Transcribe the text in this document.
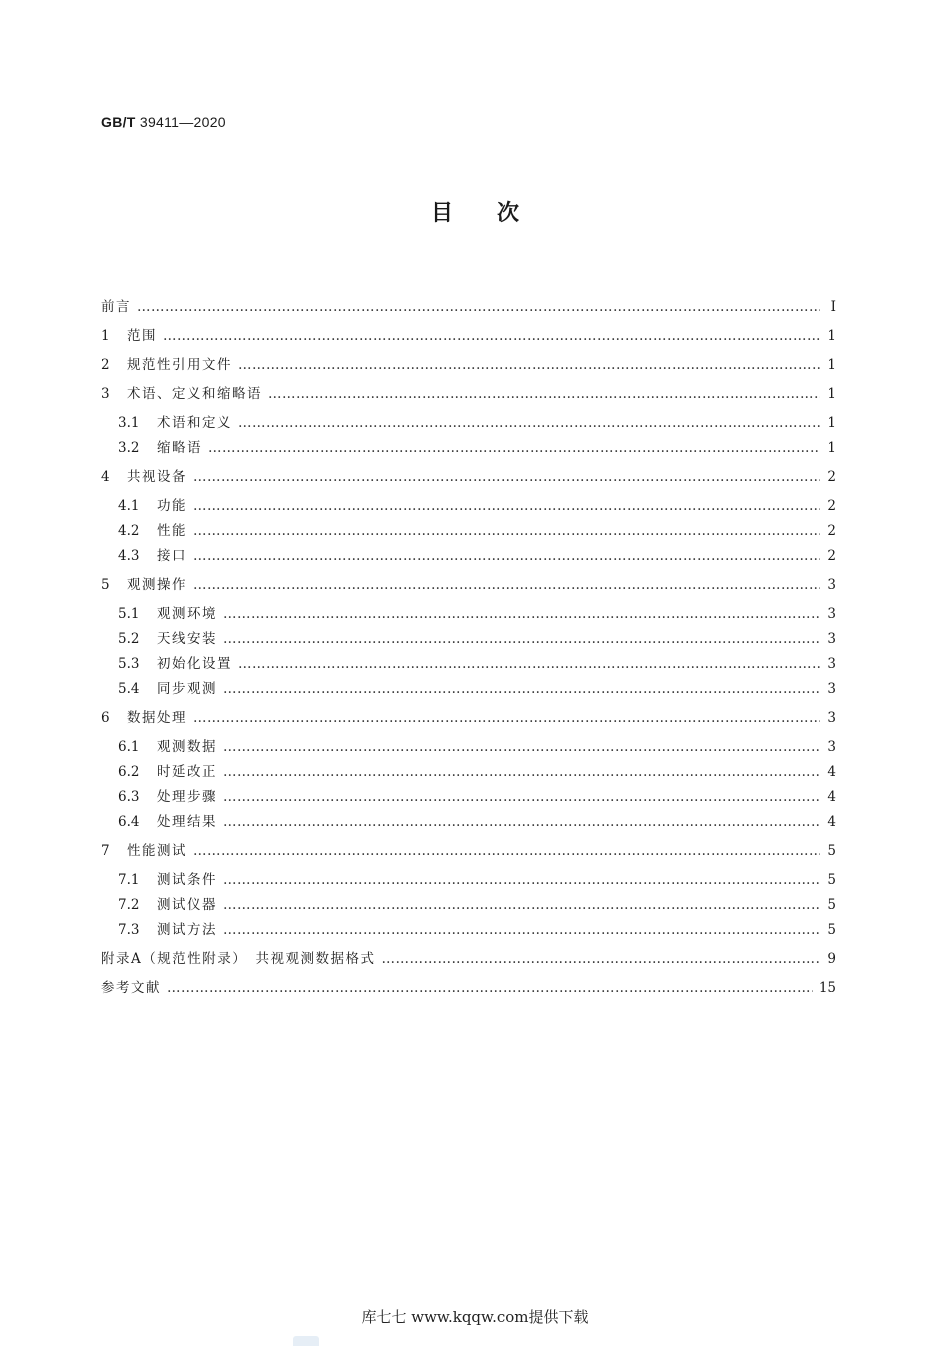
GB/T 39411—2020
目次
前言 ………………………………………………………………………………………………………………………………………………………………………………………………………………	Ⅰ
1	范围 ………………………………………………………………………………………………………………………………………………………………………………………………………………	1
2	规范性引用文件 ………………………………………………………………………………………………………………………………………………………………………………………………………………	1
3	术语、定义和缩略语 ………………………………………………………………………………………………………………………………………………………………………………………………………………	1
3.1	术语和定义 ………………………………………………………………………………………………………………………………………………………………………………………………………………	1
3.2	缩略语 ………………………………………………………………………………………………………………………………………………………………………………………………………………	1
4	共视设备 ………………………………………………………………………………………………………………………………………………………………………………………………………………	2
4.1	功能 ………………………………………………………………………………………………………………………………………………………………………………………………………………	2
4.2	性能 ………………………………………………………………………………………………………………………………………………………………………………………………………………	2
4.3	接口 ………………………………………………………………………………………………………………………………………………………………………………………………………………	2
5	观测操作 ………………………………………………………………………………………………………………………………………………………………………………………………………………	3
5.1	观测环境 ………………………………………………………………………………………………………………………………………………………………………………………………………………	3
5.2	天线安装 ………………………………………………………………………………………………………………………………………………………………………………………………………………	3
5.3	初始化设置 ………………………………………………………………………………………………………………………………………………………………………………………………………………	3
5.4	同步观测 ………………………………………………………………………………………………………………………………………………………………………………………………………………	3
6	数据处理 ………………………………………………………………………………………………………………………………………………………………………………………………………………	3
6.1	观测数据 ………………………………………………………………………………………………………………………………………………………………………………………………………………	3
6.2	时延改正 ………………………………………………………………………………………………………………………………………………………………………………………………………………	4
6.3	处理步骤 ………………………………………………………………………………………………………………………………………………………………………………………………………………	4
6.4	处理结果 ………………………………………………………………………………………………………………………………………………………………………………………………………………	4
7	性能测试 ………………………………………………………………………………………………………………………………………………………………………………………………………………	5
7.1	测试条件 ………………………………………………………………………………………………………………………………………………………………………………………………………………	5
7.2	测试仪器 ………………………………………………………………………………………………………………………………………………………………………………………………………………	5
7.3	测试方法 ………………………………………………………………………………………………………………………………………………………………………………………………………………	5
附录A（规范性附录）　共视观测数据格式 ………………………………………………………………………………………………………………………………………………………………………………………………………………	9
参考文献 ………………………………………………………………………………………………………………………………………………………………………………………………………………	15
库七七 www.kqqw.com提供下载
